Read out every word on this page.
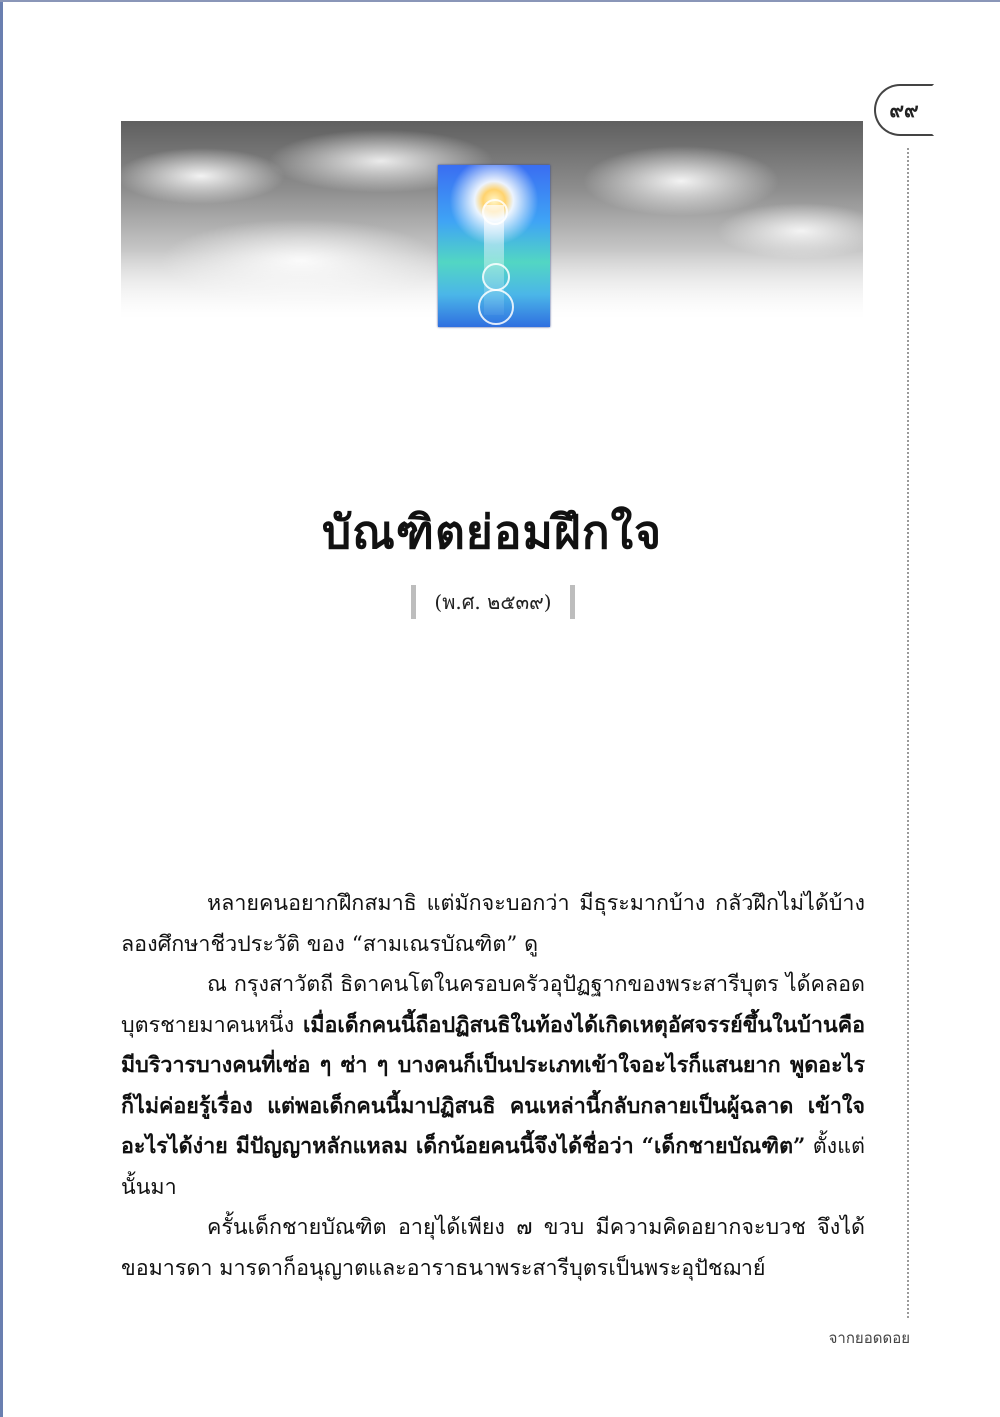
๙๙
บัณฑิตย่อมฝึกใจ
(พ.ศ. ๒๕๓๙)

หลายคนอยากฝึกสมาธิ แต่มักจะบอกว่า มีธุระมากบ้าง กลัวฝึกไม่ได้บ้าง ลองศึกษาชีวประวัติ ของ “สามเณรบัณฑิต” ดู

ณ กรุงสาวัตถี ธิดาคนโตในครอบครัวอุปัฏฐากของพระสารีบุตร ได้คลอดบุตรชายมาคนหนึ่ง เมื่อเด็กคนนี้ถือปฏิสนธิในท้องได้เกิดเหตุอัศจรรย์ขึ้นในบ้านคือมีบริวารบางคนที่เซ่อ ๆ ซ่า ๆ บางคนก็เป็นประเภทเข้าใจอะไรก็แสนยาก พูดอะไรก็ไม่ค่อยรู้เรื่อง แต่พอเด็กคนนี้มาปฏิสนธิ คนเหล่านี้กลับกลายเป็นผู้ฉลาด เข้าใจอะไรได้ง่าย มีปัญญาหลักแหลม เด็กน้อยคนนี้จึงได้ชื่อว่า “เด็กชายบัณฑิต” ตั้งแต่นั้นมา

ครั้นเด็กชายบัณฑิต อายุได้เพียง ๗ ขวบ มีความคิดอยากจะบวช จึงได้ขอมารดา มารดาก็อนุญาตและอาราธนาพระสารีบุตรเป็นพระอุปัชฌาย์

จากยอดดอย
